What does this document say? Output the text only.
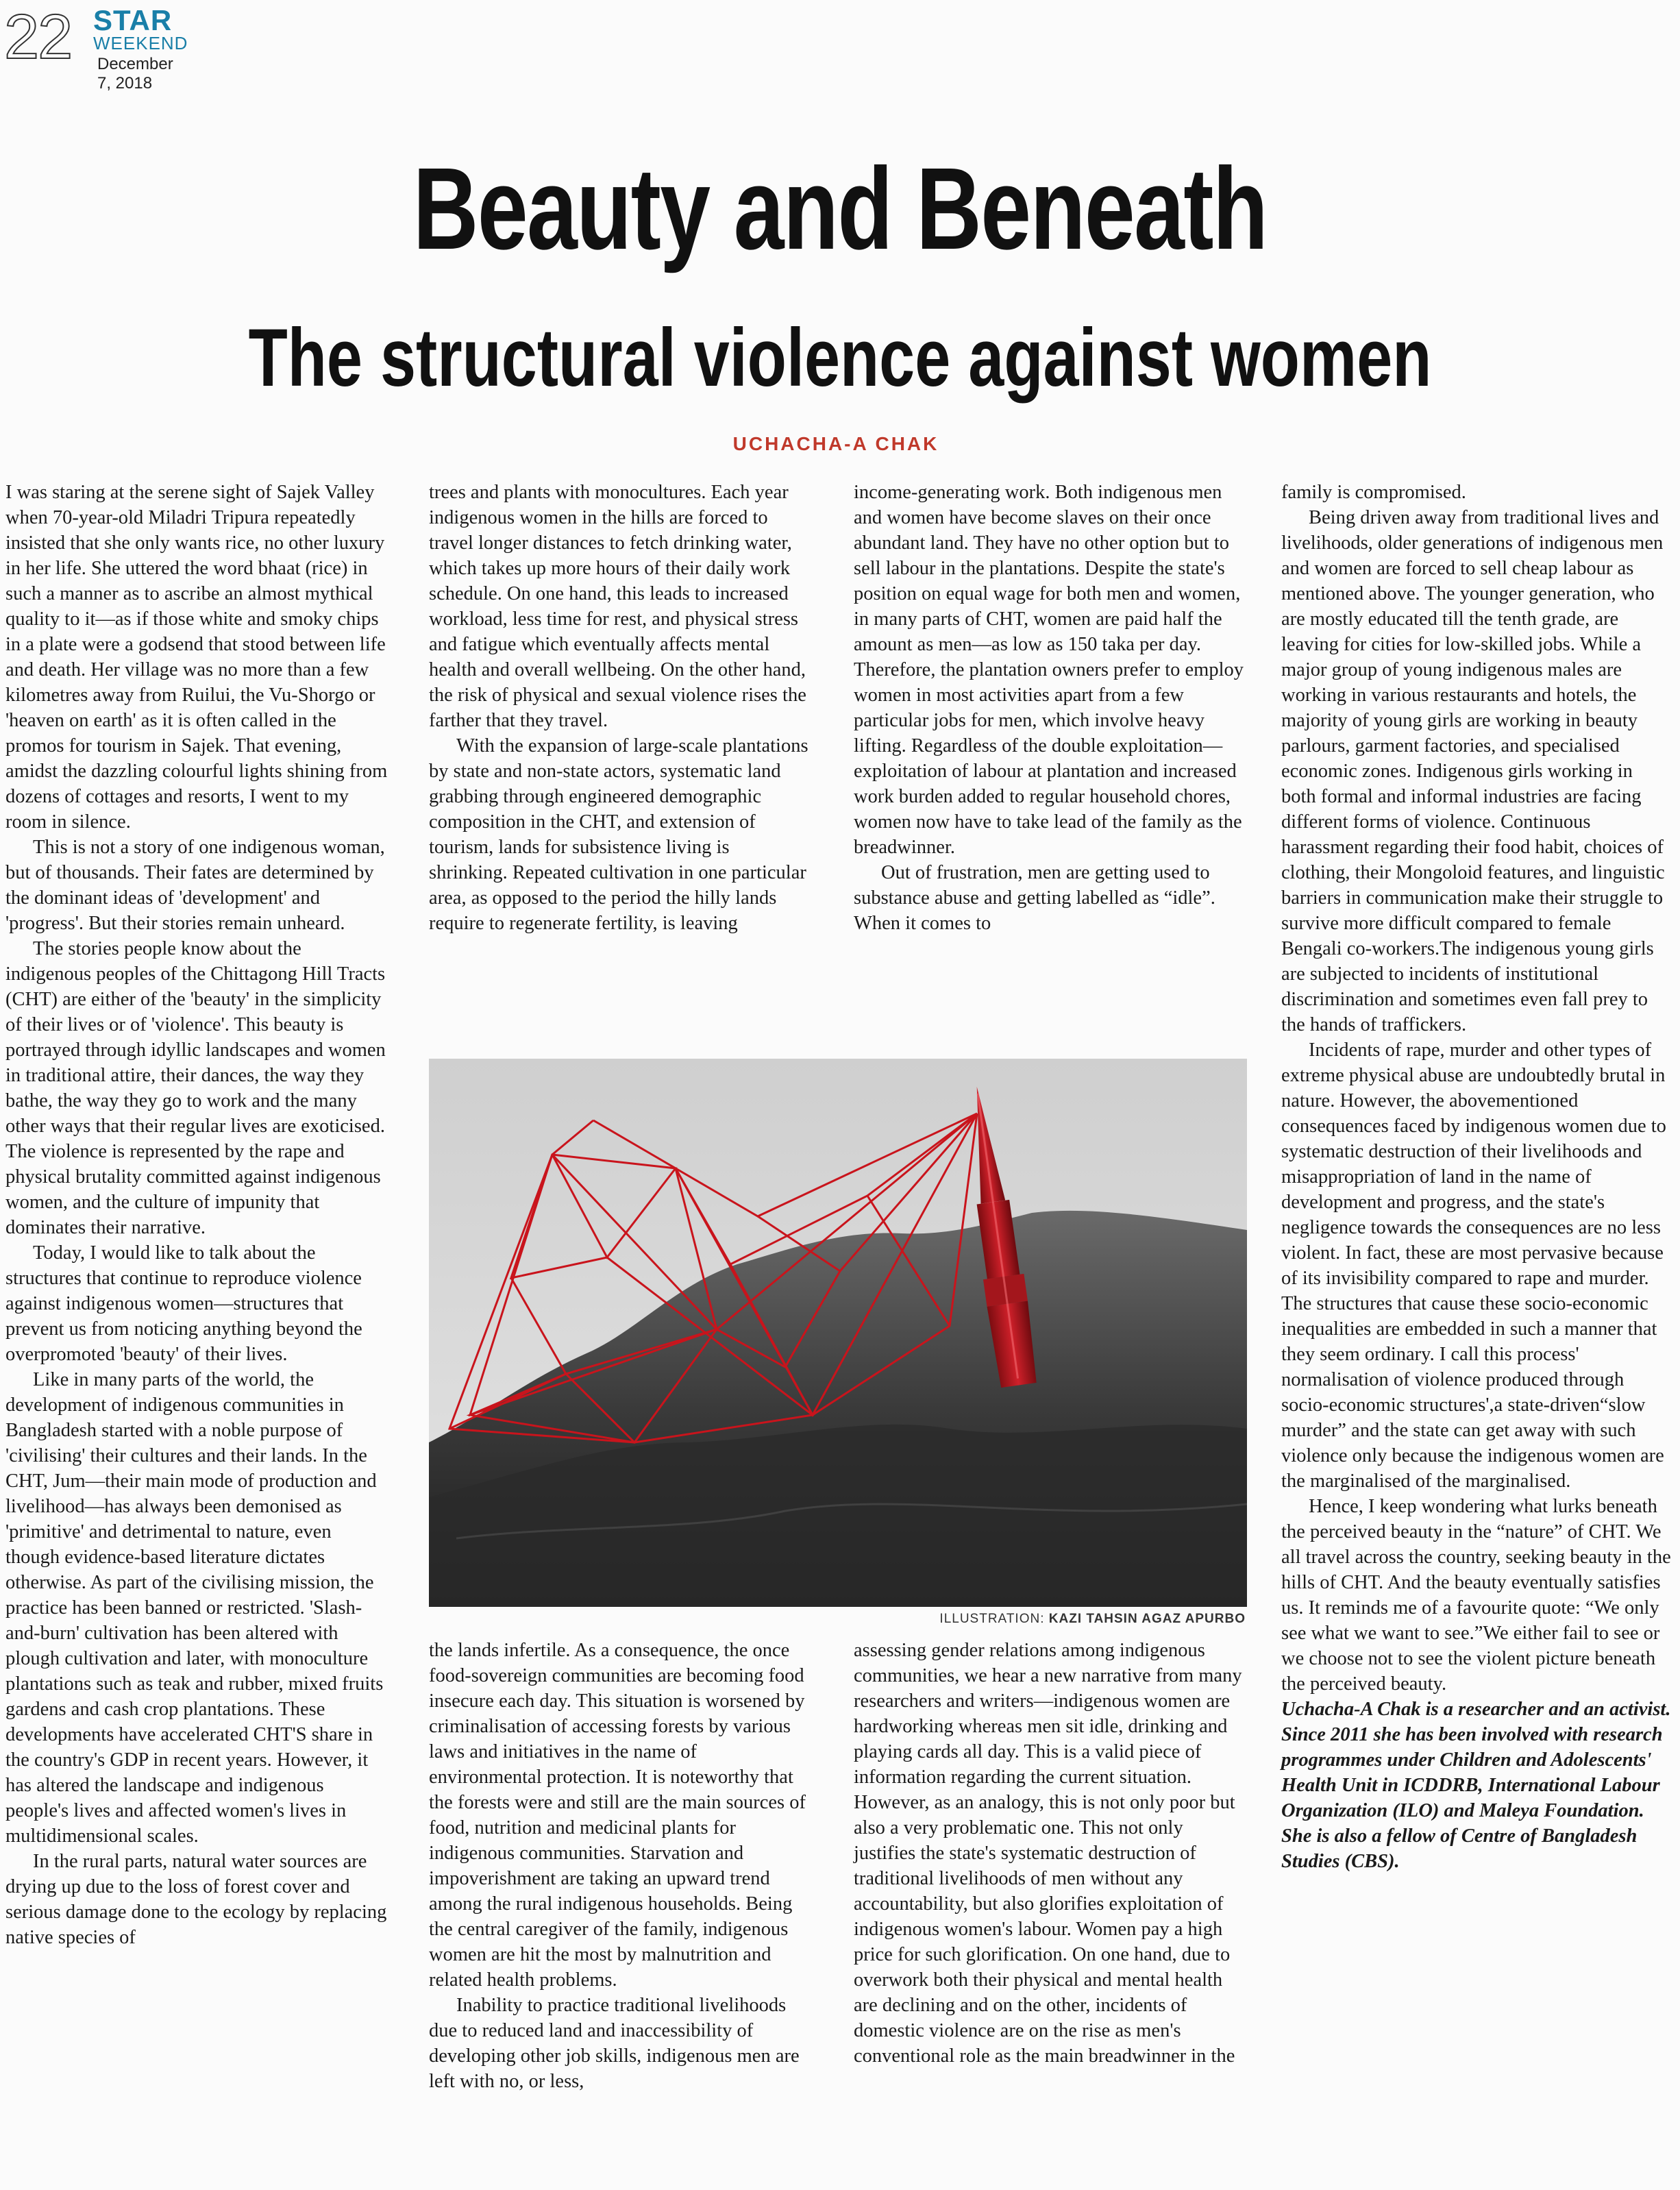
22 STAR
WEEKEND
December 7, 2018
Beauty and Beneath
The structural violence against women
UCHACHA-A CHAK

I was staring at the serene sight of Sajek Valley when 70-year-old Miladri Tripura repeatedly insisted that she only wants rice, no other luxury in her life. She uttered the word bhaat (rice) in such a manner as to ascribe an almost mythical quality to it—as if those white and smoky chips in a plate were a godsend that stood between life and death. Her village was no more than a few kilometres away from Ruilui, the Vu-Shorgo or 'heaven on earth' as it is often called in the promos for tourism in Sajek. That evening, amidst the dazzling colourful lights shining from dozens of cottages and resorts, I went to my room in silence.

This is not a story of one indigenous woman, but of thousands. Their fates are determined by the dominant ideas of 'development' and 'progress'. But their stories remain unheard.

The stories people know about the indigenous peoples of the Chittagong Hill Tracts (CHT) are either of the 'beauty' in the simplicity of their lives or of 'violence'. This beauty is portrayed through idyllic landscapes and women in traditional attire, their dances, the way they bathe, the way they go to work and the many other ways that their regular lives are exoticised. The violence is represented by the rape and physical brutality committed against indigenous women, and the culture of impunity that dominates their narrative.

Today, I would like to talk about the structures that continue to reproduce violence against indigenous women—structures that prevent us from noticing anything beyond the overpromoted 'beauty' of their lives.

Like in many parts of the world, the development of indigenous communities in Bangladesh started with a noble purpose of 'civilising' their cultures and their lands. In the CHT, Jum—their main mode of production and livelihood—has always been demonised as 'primitive' and detrimental to nature, even though evidence-based literature dictates otherwise. As part of the civilising mission, the practice has been banned or restricted. 'Slash-and-burn' cultivation has been altered with plough cultivation and later, with monoculture plantations such as teak and rubber, mixed fruits gardens and cash crop plantations. These developments have accelerated CHT'S share in the country's GDP in recent years. However, it has altered the landscape and indigenous people's lives and affected women's lives in multidimensional scales.

In the rural parts, natural water sources are drying up due to the loss of forest cover and serious damage done to the ecology by replacing native species of

trees and plants with monocultures. Each year indigenous women in the hills are forced to travel longer distances to fetch drinking water, which takes up more hours of their daily work schedule. On one hand, this leads to increased workload, less time for rest, and physical stress and fatigue which eventually affects mental health and overall wellbeing. On the other hand, the risk of physical and sexual violence rises the farther that they travel.

With the expansion of large-scale plantations by state and non-state actors, systematic land grabbing through engineered demographic composition in the CHT, and extension of tourism, lands for subsistence living is shrinking. Repeated cultivation in one particular area, as opposed to the period the hilly lands require to regenerate fertility, is leaving

income-generating work. Both indigenous men and women have become slaves on their once abundant land. They have no other option but to sell labour in the plantations. Despite the state's position on equal wage for both men and women, in many parts of CHT, women are paid half the amount as men—as low as 150 taka per day. Therefore, the plantation owners prefer to employ women in most activities apart from a few particular jobs for men, which involve heavy lifting. Regardless of the double exploitation—exploitation of labour at plantation and increased work burden added to regular household chores, women now have to take lead of the family as the breadwinner.

Out of frustration, men are getting used to substance abuse and getting labelled as “idle”. When it comes to

ILLUSTRATION: KAZI TAHSIN AGAZ APURBO

the lands infertile. As a consequence, the once food-sovereign communities are becoming food insecure each day. This situation is worsened by criminalisation of accessing forests by various laws and initiatives in the name of environmental protection. It is noteworthy that the forests were and still are the main sources of food, nutrition and medicinal plants for indigenous communities. Starvation and impoverishment are taking an upward trend among the rural indigenous households. Being the central caregiver of the family, indigenous women are hit the most by malnutrition and related health problems.

Inability to practice traditional livelihoods due to reduced land and inaccessibility of developing other job skills, indigenous men are left with no, or less,

assessing gender relations among indigenous communities, we hear a new narrative from many researchers and writers—indigenous women are hardworking whereas men sit idle, drinking and playing cards all day. This is a valid piece of information regarding the current situation. However, as an analogy, this is not only poor but also a very problematic one. This not only justifies the state's systematic destruction of traditional livelihoods of men without any accountability, but also glorifies exploitation of indigenous women's labour. Women pay a high price for such glorification. On one hand, due to overwork both their physical and mental health are declining and on the other, incidents of domestic violence are on the rise as men's conventional role as the main breadwinner in the

family is compromised.

Being driven away from traditional lives and livelihoods, older generations of indigenous men and women are forced to sell cheap labour as mentioned above. The younger generation, who are mostly educated till the tenth grade, are leaving for cities for low-skilled jobs. While a major group of young indigenous males are working in various restaurants and hotels, the majority of young girls are working in beauty parlours, garment factories, and specialised economic zones. Indigenous girls working in both formal and informal industries are facing different forms of violence. Continuous harassment regarding their food habit, choices of clothing, their Mongoloid features, and linguistic barriers in communication make their struggle to survive more difficult compared to female Bengali co-workers.The indigenous young girls are subjected to incidents of institutional discrimination and sometimes even fall prey to the hands of traffickers.

Incidents of rape, murder and other types of extreme physical abuse are undoubtedly brutal in nature. However, the abovementioned consequences faced by indigenous women due to systematic destruction of their livelihoods and misappropriation of land in the name of development and progress, and the state's negligence towards the consequences are no less violent. In fact, these are most pervasive because of its invisibility compared to rape and murder. The structures that cause these socio-economic inequalities are embedded in such a manner that they seem ordinary. I call this process' normalisation of violence produced through socio-economic structures',a state-driven“slow murder” and the state can get away with such violence only because the indigenous women are the marginalised of the marginalised.

Hence, I keep wondering what lurks beneath the perceived beauty in the “nature” of CHT. We all travel across the country, seeking beauty in the hills of CHT. And the beauty eventually satisfies us. It reminds me of a favourite quote: “We only see what we want to see.”We either fail to see or we choose not to see the violent picture beneath the perceived beauty.

Uchacha-A Chak is a researcher and an activist. Since 2011 she has been involved with research programmes under Children and Adolescents' Health Unit in ICDDRB, International Labour Organization (ILO) and Maleya Foundation. She is also a fellow of Centre of Bangladesh Studies (CBS).
